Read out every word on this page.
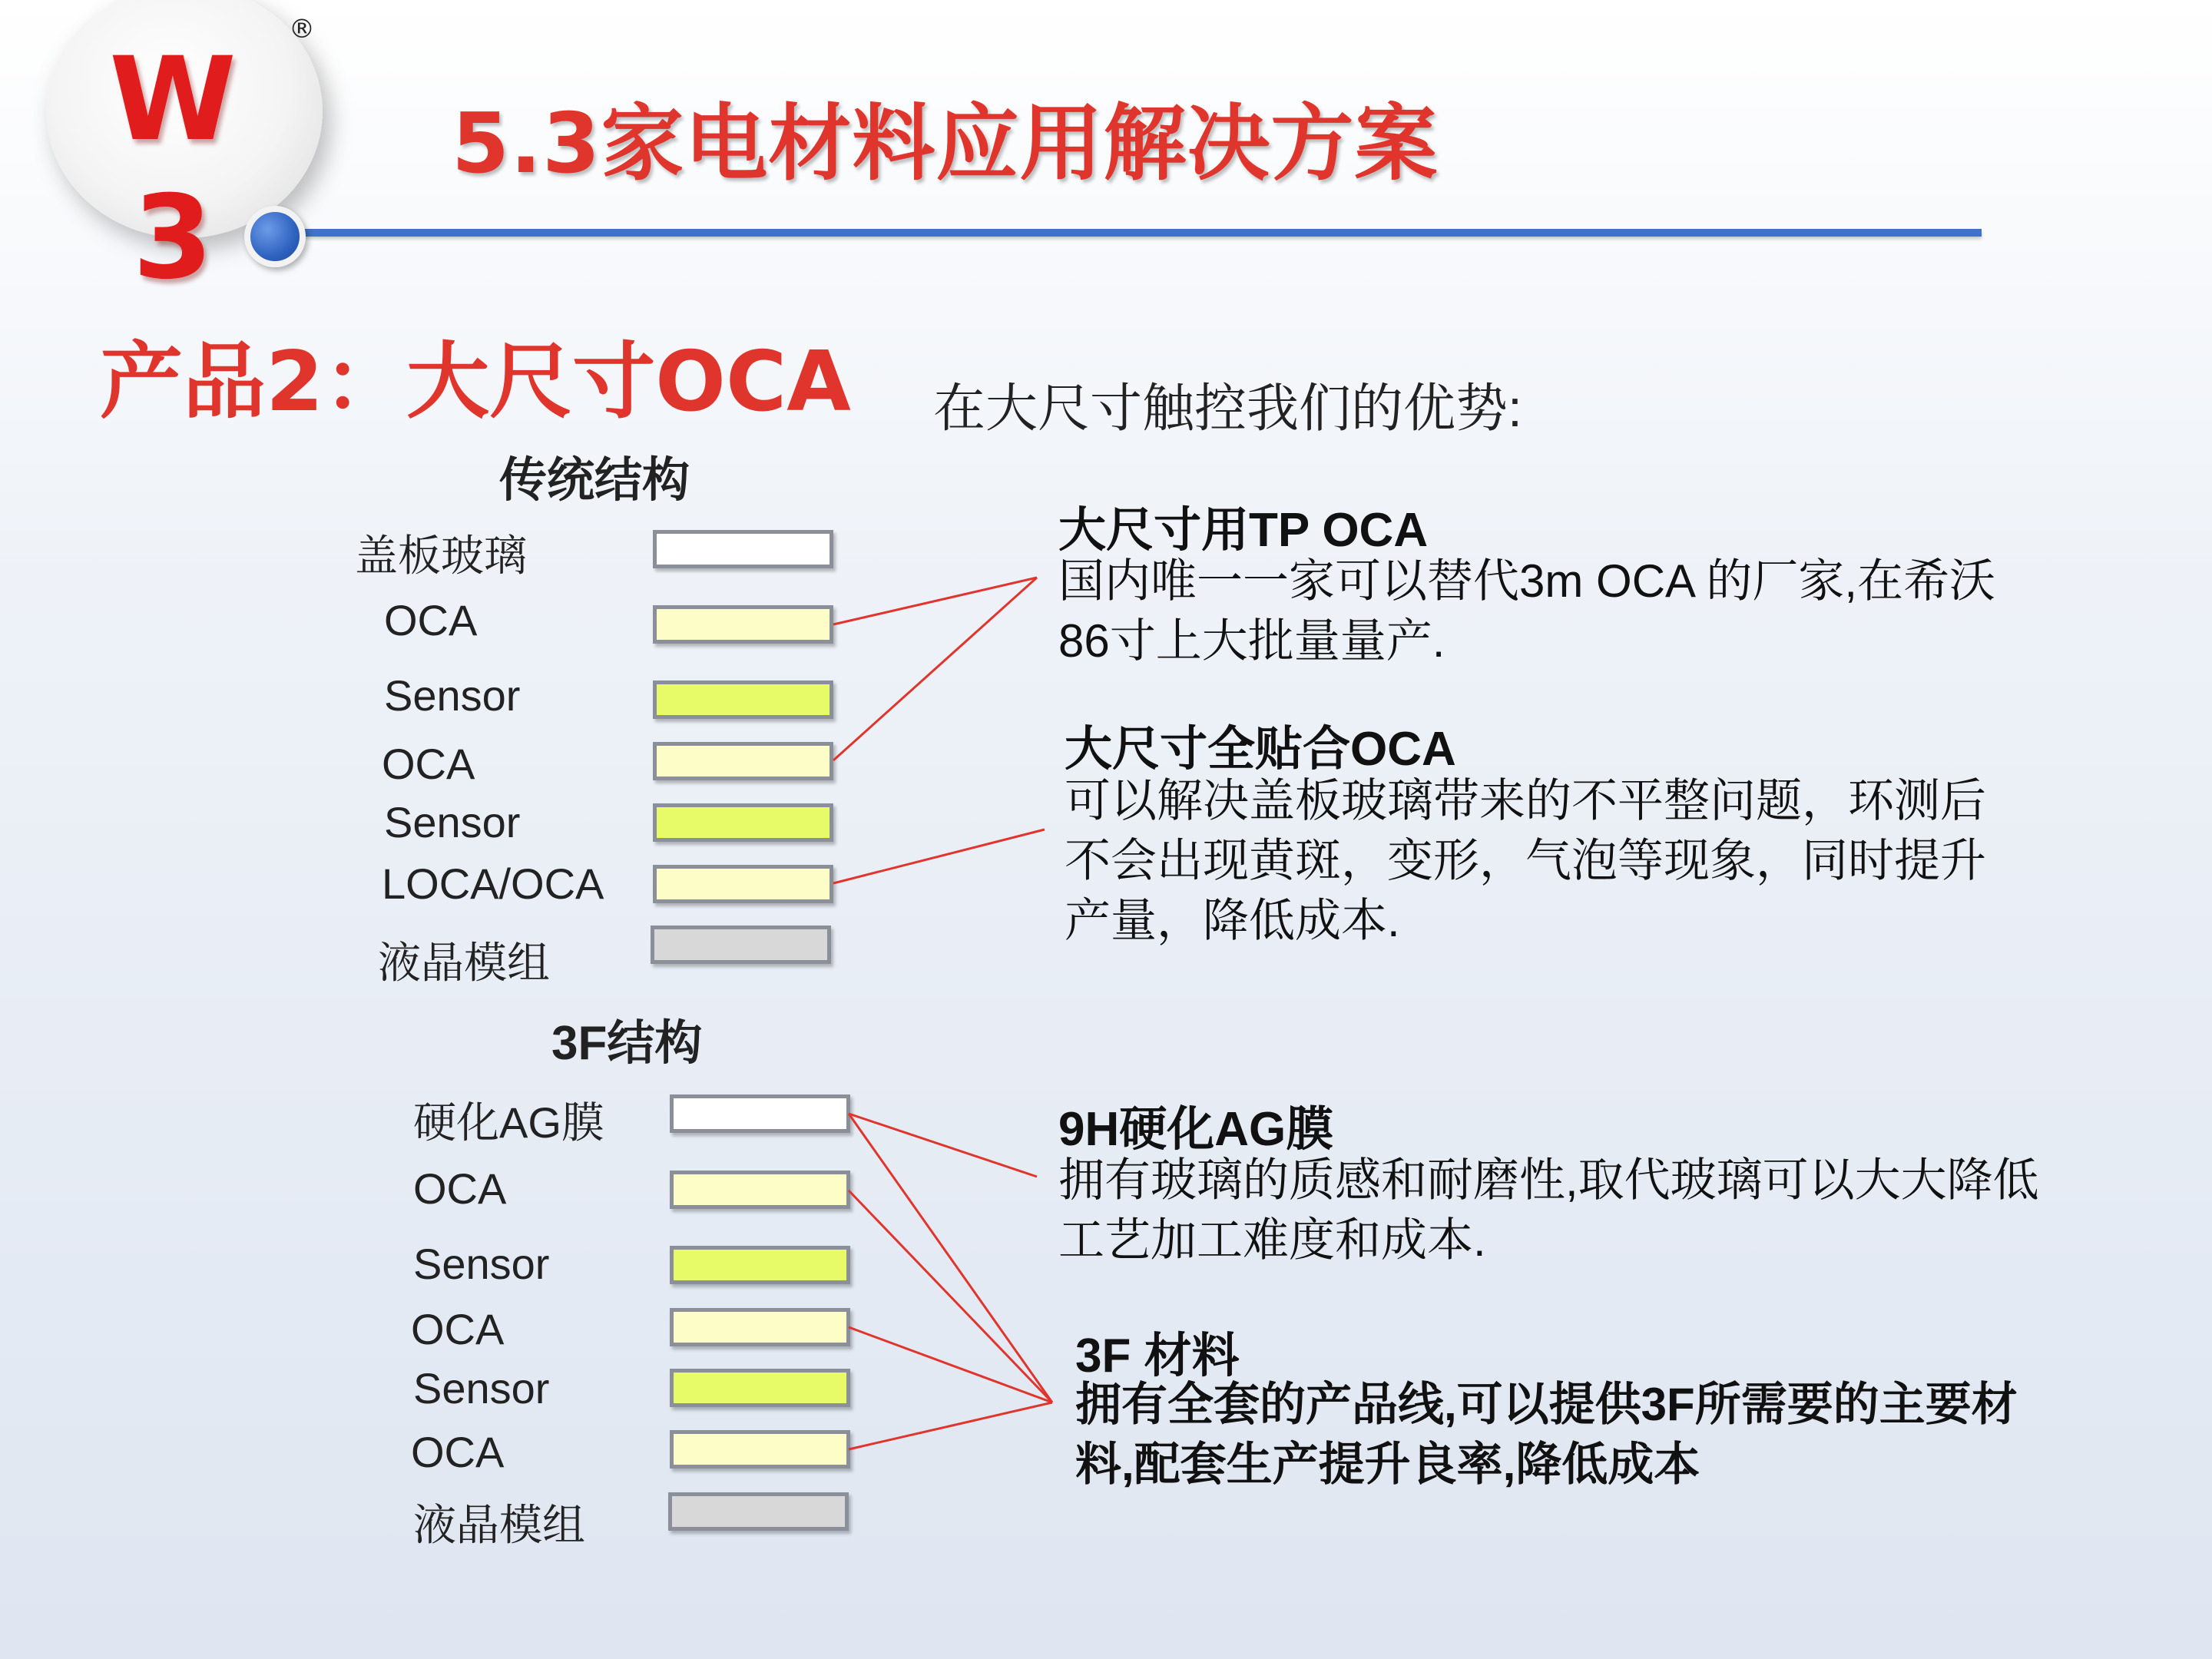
W 3
®
5.3家电材料应用解决方案
产品2：大尺寸OCA 在大尺寸触控我们的优势:
传统结构
盖板玻璃
OCA
Sensor
OCA
Sensor
LOCA/OCA
液晶模组
3F结构
硬化AG膜
OCA
Sensor
OCA
Sensor
OCA
液晶模组
大尺寸用TP OCA
国内唯一一家可以替代3m OCA 的厂家,在希沃
86寸上大批量量产.
大尺寸全贴合OCA
可以解决盖板玻璃带来的不平整问题，环测后
不会出现黄斑，变形，气泡等现象，同时提升
产量，降低成本.
9H硬化AG膜
拥有玻璃的质感和耐磨性,取代玻璃可以大大降低
工艺加工难度和成本.
3F 材料
拥有全套的产品线,可以提供3F所需要的主要材
料,配套生产提升良率,降低成本
